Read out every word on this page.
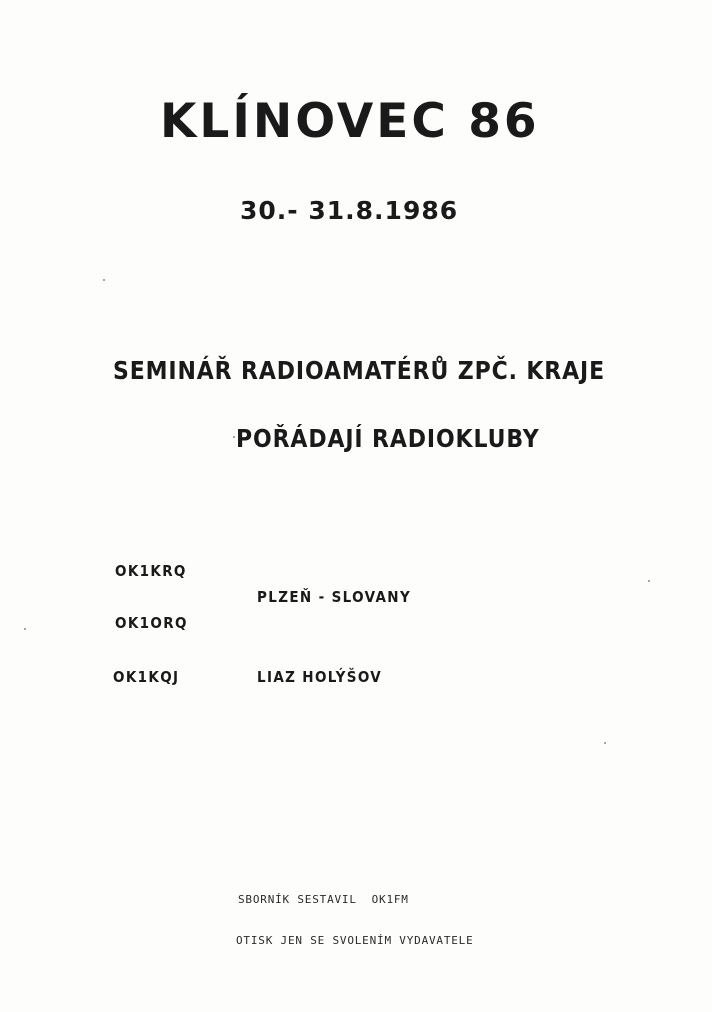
KLÍNOVEC 86
30.- 31.8.1986
SEMINÁŘ RADIOAMATÉRŮ ZPČ. KRAJE
POŘÁDAJÍ RADIOKLUBY
OK1KRQ
OK1ORQ
OK1KQJ
PLZEŇ - SLOVANY
LIAZ HOLÝŠOV
SBORNÍK SESTAVIL  OK1FM
OTISK JEN SE SVOLENÍM VYDAVATELE
